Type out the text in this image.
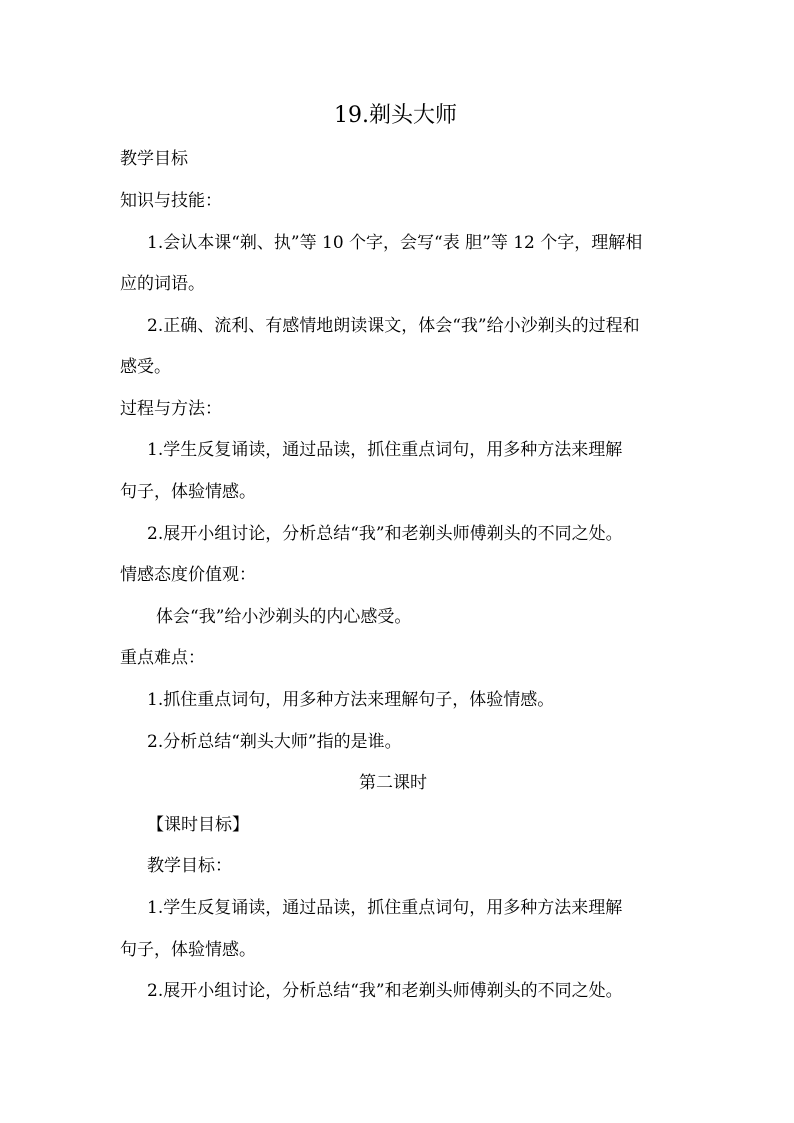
19.剃头大师
教学目标
知识与技能：
1.会认本课“剃、执”等 10 个字，会写“表 胆”等 12 个字，理解相
应的词语。
2.正确、流利、有感情地朗读课文，体会“我”给小沙剃头的过程和
感受。
过程与方法：
1.学生反复诵读，通过品读，抓住重点词句，用多种方法来理解
句子，体验情感。
2.展开小组讨论，分析总结“我”和老剃头师傅剃头的不同之处。
情感态度价值观：
体会“我”给小沙剃头的内心感受。
重点难点：
1.抓住重点词句，用多种方法来理解句子，体验情感。
2.分析总结“剃头大师”指的是谁。
第二课时
【课时目标】
教学目标：
1.学生反复诵读，通过品读，抓住重点词句，用多种方法来理解
句子，体验情感。
2.展开小组讨论，分析总结“我”和老剃头师傅剃头的不同之处。
